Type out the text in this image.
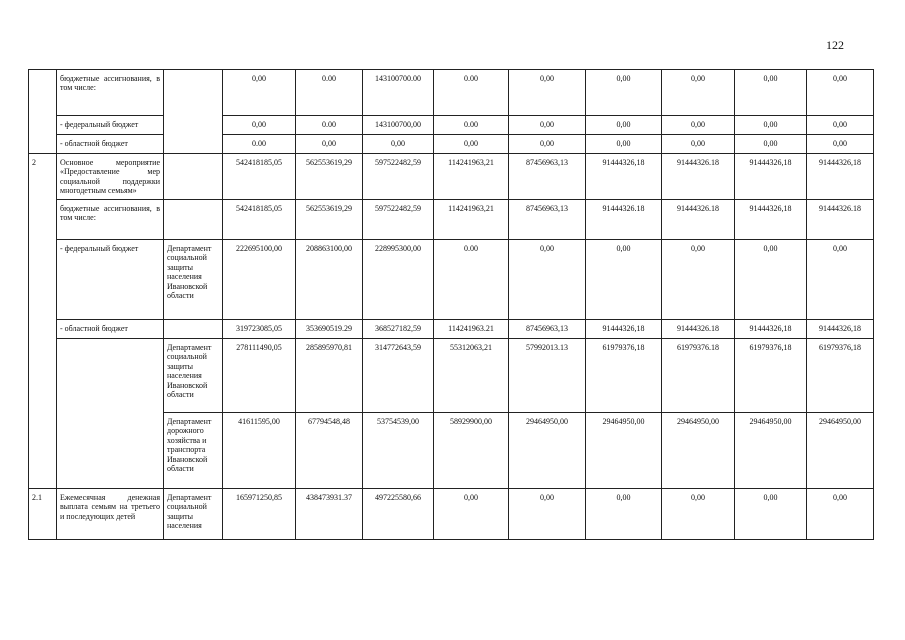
122
	бюджетные ассигнования, в том числе:		0,00	0.00	143100700.00	0.00	0,00	0,00	0,00	0,00	0,00
	- федеральный бюджет		0,00	0.00	143100700,00	0.00	0,00	0,00	0,00	0,00	0,00
	- областной бюджет		0.00	0,00	0,00	0,00	0,00	0,00	0,00	0,00	0,00
2	Основное мероприятие «Предоставление мер социальной поддержки многодетным семьям»		542418185,05	562553619,29	597522482,59	114241963,21	87456963,13	91444326,18	91444326.18	91444326,18	91444326,18
	бюджетные ассигнования, в том числе:		542418185,05	562553619,29	597522482,59	114241963,21	87456963,13	91444326.18	91444326.18	91444326,18	91444326.18
	- федеральный бюджет	Департамент социальной защиты населения Ивановской области	222695100,00	208863100,00	228995300,00	0.00	0,00	0,00	0,00	0,00	0,00
	- областной бюджет		319723085,05	353690519.29	368527182,59	114241963.21	87456963,13	91444326,18	91444326.18	91444326,18	91444326,18
		Департамент социальной защиты населения Ивановской области	278111490,05	285895970,81	314772643,59	55312063,21	57992013.13	61979376,18	61979376.18	61979376,18	61979376,18
		Департамент дорожного хозяйства и транспорта Ивановской области	41611595,00	67794548,48	53754539,00	58929900,00	29464950,00	29464950,00	29464950,00	29464950,00	29464950,00
2.1	Ежемесячная денежная выплата семьям на третьего и последующих детей	Департамент социальной защиты населения	165971250,85	438473931.37	497225580,66	0,00	0,00	0,00	0,00	0,00	0,00
